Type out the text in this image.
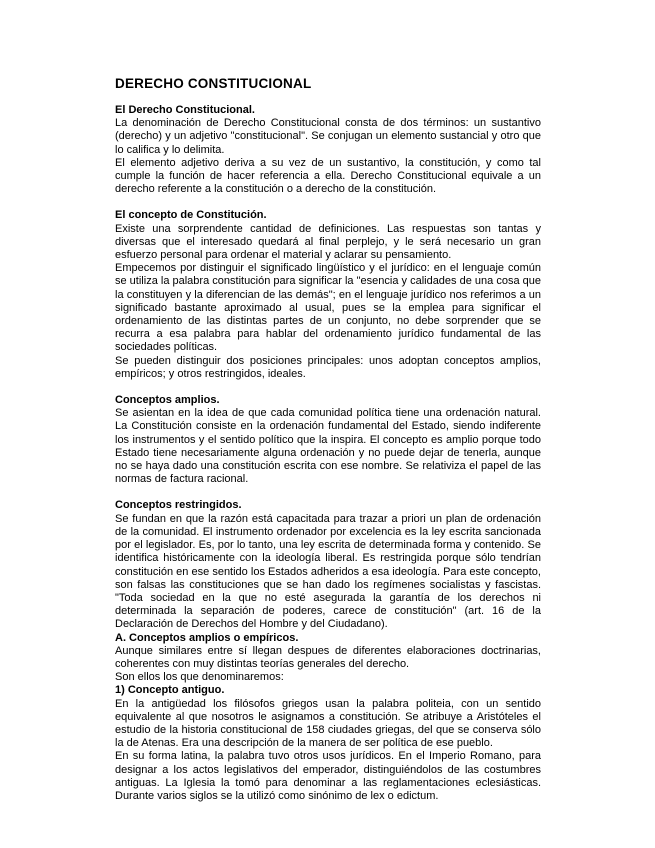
DERECHO CONSTITUCIONAL

El Derecho Constitucional.

La denominación de Derecho Constitucional consta de dos términos: un sustantivo (derecho) y un adjetivo "constitucional". Se conjugan un elemento sustancial y otro que lo califica y lo delimita.

El elemento adjetivo deriva a su vez de un sustantivo, la constitución, y como tal cumple la función de hacer referencia a ella. Derecho Constitucional equivale a un derecho referente a la constitución o a derecho de la constitución.

El concepto de Constitución.

Existe una sorprendente cantidad de definiciones. Las respuestas son tantas y diversas que el interesado quedará al final perplejo, y le será necesario un gran esfuerzo personal para ordenar el material y aclarar su pensamiento.

Empecemos por distinguir el significado lingüístico y el jurídico: en el lenguaje común se utiliza la palabra constitución para significar la "esencia y calidades de una cosa que la constituyen y la diferencian de las demás"; en el lenguaje jurídico nos referimos a un significado bastante aproximado al usual, pues se la emplea para significar el ordenamiento de las distintas partes de un conjunto, no debe sorprender que se recurra a esa palabra para hablar del ordenamiento jurídico fundamental de las sociedades políticas.

Se pueden distinguir dos posiciones principales: unos adoptan conceptos amplios, empíricos; y otros restringidos, ideales.

Conceptos amplios.

Se asientan en la idea de que cada comunidad política tiene una ordenación natural. La Constitución consiste en la ordenación fundamental del Estado, siendo indiferente los instrumentos y el sentido político que la inspira. El concepto es amplio porque todo Estado tiene necesariamente alguna ordenación y no puede dejar de tenerla, aunque no se haya dado una constitución escrita con ese nombre. Se relativiza el papel de las normas de factura racional.

Conceptos restringidos.

Se fundan en que la razón está capacitada para trazar a priori un plan de ordenación de la comunidad. El instrumento ordenador por excelencia es la ley escrita sancionada por el legislador. Es, por lo tanto, una ley escrita de determinada forma y contenido. Se identifica históricamente con la ideología liberal. Es restringida porque sólo tendrían constitución en ese sentido los Estados adheridos a esa ideología. Para este concepto, son falsas las constituciones que se han dado los regímenes socialistas y fascistas. "Toda sociedad en la que no esté asegurada la garantía de los derechos ni determinada la separación de poderes, carece de constitución" (art. 16 de la Declaración de Derechos del Hombre y del Ciudadano).

A. Conceptos amplios o empíricos.

Aunque similares entre sí llegan despues de diferentes elaboraciones doctrinarias, coherentes con muy distintas teorías generales del derecho.

Son ellos los que denominaremos:

1) Concepto antiguo.

En la antigüedad los filósofos griegos usan la palabra politeia, con un sentido equivalente al que nosotros le asignamos a constitución. Se atribuye a Aristóteles el estudio de la historia constitucional de 158 ciudades griegas, del que se conserva sólo la de Atenas. Era una descripción de la manera de ser política de ese pueblo.

En su forma latina, la palabra tuvo otros usos jurídicos. En el Imperio Romano, para designar a los actos legislativos del emperador, distinguiéndolos de las costumbres antiguas. La Iglesia la tomó para denominar a las reglamentaciones eclesiásticas. Durante varios siglos se la utilizó como sinónimo de lex o edictum.
